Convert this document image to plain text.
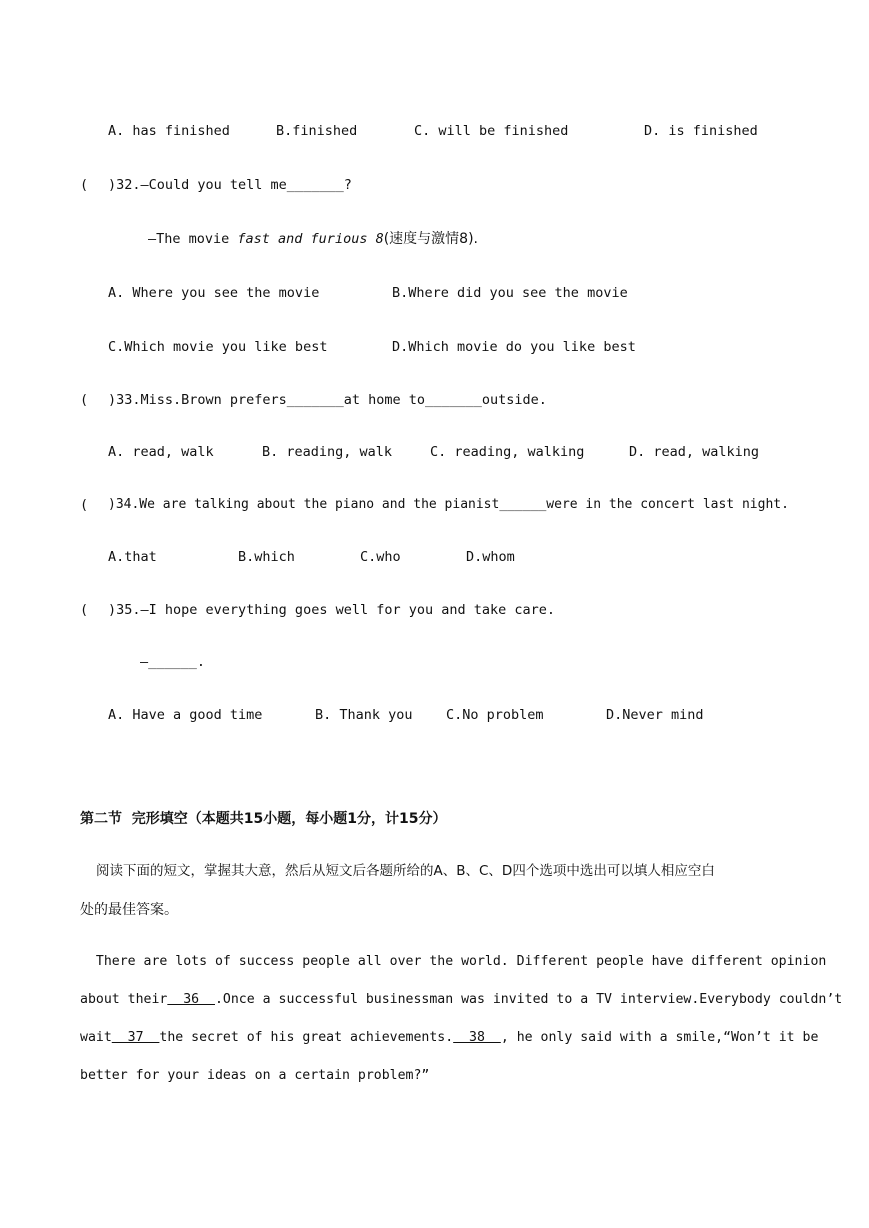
A. has finished	B.finished	C. will be finished	D. is finished
( )32.—Could you tell me_______?
—The movie fast and furious 8(速度与激情8).
A. Where you see the movie	B.Where did you see the movie
C.Which movie you like best	D.Which movie do you like best
( )33.Miss.Brown prefers_______at home to_______outside.
A. read, walk	B. reading, walk	C. reading, walking	D. read, walking
( )34.We are talking about the piano and the pianist______were in the concert last night.
A.that	B.which	C.who	D.whom
( )35.—I hope everything goes well for you and take care.
—______.
A. Have a good time	B. Thank you C.No problem	D.Never mind
第二节  完形填空（本题共15小题，每小题1分，计15分）
阅读下面的短文，掌握其大意，然后从短文后各题所给的A、B、C、D四个选项中选出可以填人相应空白
处的最佳答案。
There are lots of success people all over the world. Different people have different opinion
about their  36  .Once a successful businessman was invited to a TV interview.Everybody couldn’t
wait  37  the secret of his great achievements.  38  , he only said with a smile,“Won’t it be
better for your ideas on a certain problem?”
